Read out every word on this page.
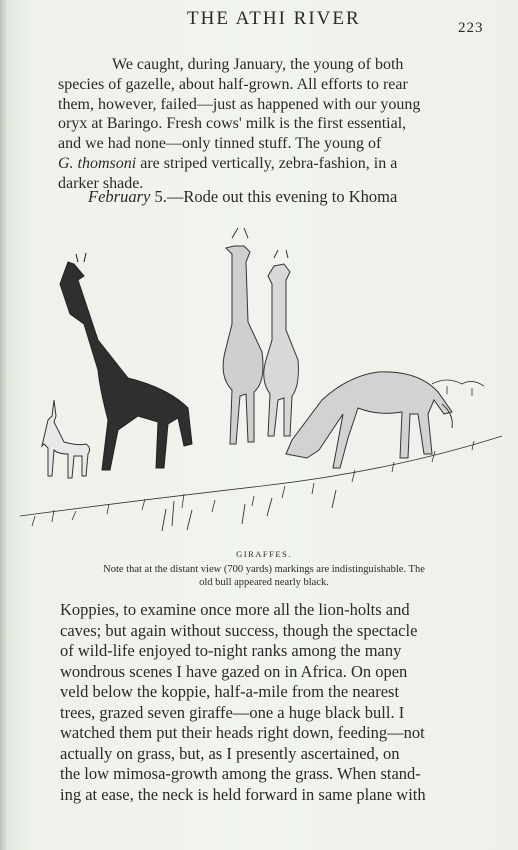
THE ATHI RIVER	223
We caught, during January, the young of both
species of gazelle, about half-grown. All efforts to rear
them, however, failed—just as happened with our young
oryx at Baringo. Fresh cows' milk is the first essential,
and we had none—only tinned stuff. The young of
G. thomsoni are striped vertically, zebra-fashion, in a
darker shade.
February 5.—Rode out this evening to Khoma
GIRAFFES.
Note that at the distant view (700 yards) markings are indistinguishable. The
old bull appeared nearly black.
Koppies, to examine once more all the lion-holts and
caves; but again without success, though the spectacle
of wild-life enjoyed to-night ranks among the many
wondrous scenes I have gazed on in Africa. On open
veld below the koppie, half-a-mile from the nearest
trees, grazed seven giraffe—one a huge black bull. I
watched them put their heads right down, feeding—not
actually on grass, but, as I presently ascertained, on
the low mimosa-growth among the grass. When stand-
ing at ease, the neck is held forward in same plane with
